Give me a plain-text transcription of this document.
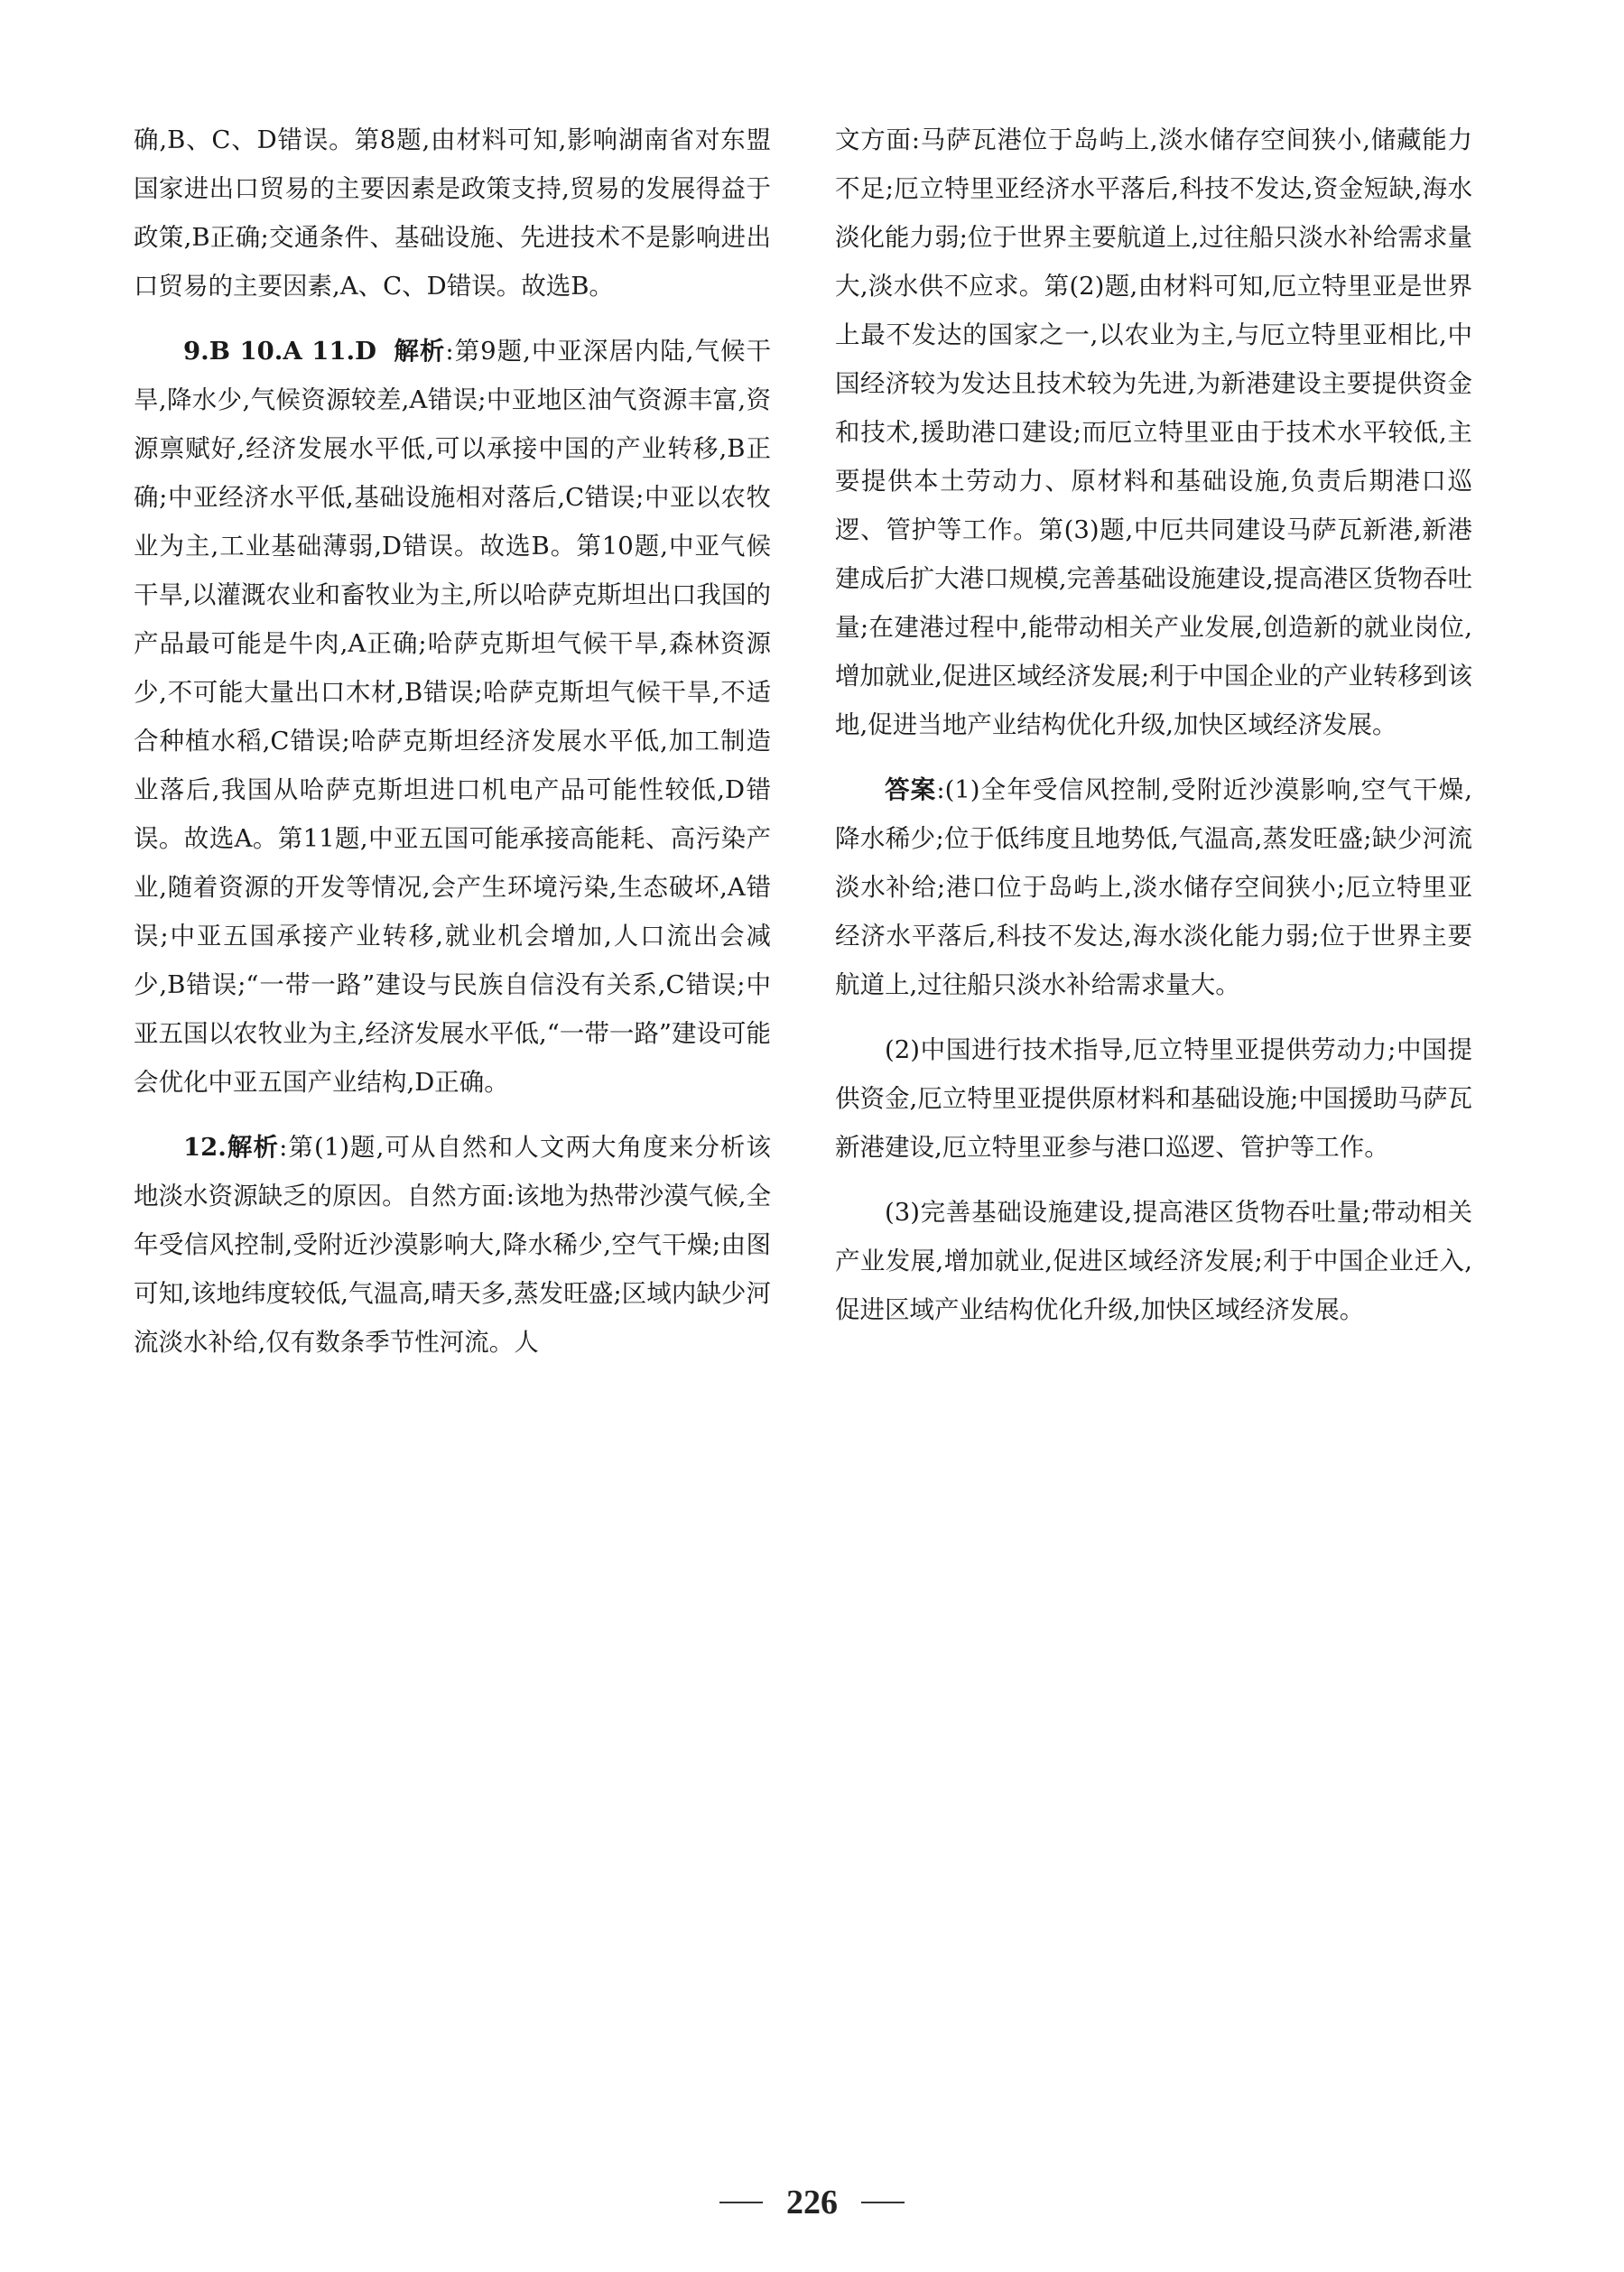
确,B、C、D错误。第8题,由材料可知,影响湖南省对东盟国家进出口贸易的主要因素是政策支持,贸易的发展得益于政策,B正确;交通条件、基础设施、先进技术不是影响进出口贸易的主要因素,A、C、D错误。故选B。

9.B 10.A 11.D 解析:第9题,中亚深居内陆,气候干旱,降水少,气候资源较差,A错误;中亚地区油气资源丰富,资源禀赋好,经济发展水平低,可以承接中国的产业转移,B正确;中亚经济水平低,基础设施相对落后,C错误;中亚以农牧业为主,工业基础薄弱,D错误。故选B。第10题,中亚气候干旱,以灌溉农业和畜牧业为主,所以哈萨克斯坦出口我国的产品最可能是牛肉,A正确;哈萨克斯坦气候干旱,森林资源少,不可能大量出口木材,B错误;哈萨克斯坦气候干旱,不适合种植水稻,C错误;哈萨克斯坦经济发展水平低,加工制造业落后,我国从哈萨克斯坦进口机电产品可能性较低,D错误。故选A。第11题,中亚五国可能承接高能耗、高污染产业,随着资源的开发等情况,会产生环境污染,生态破坏,A错误;中亚五国承接产业转移,就业机会增加,人口流出会减少,B错误;“一带一路”建设与民族自信没有关系,C错误;中亚五国以农牧业为主,经济发展水平低,“一带一路”建设可能会优化中亚五国产业结构,D正确。

12.解析:第(1)题,可从自然和人文两大角度来分析该地淡水资源缺乏的原因。自然方面:该地为热带沙漠气候,全年受信风控制,受附近沙漠影响大,降水稀少,空气干燥;由图可知,该地纬度较低,气温高,晴天多,蒸发旺盛;区域内缺少河流淡水补给,仅有数条季节性河流。人

文方面:马萨瓦港位于岛屿上,淡水储存空间狭小,储藏能力不足;厄立特里亚经济水平落后,科技不发达,资金短缺,海水淡化能力弱;位于世界主要航道上,过往船只淡水补给需求量大,淡水供不应求。第(2)题,由材料可知,厄立特里亚是世界上最不发达的国家之一,以农业为主,与厄立特里亚相比,中国经济较为发达且技术较为先进,为新港建设主要提供资金和技术,援助港口建设;而厄立特里亚由于技术水平较低,主要提供本土劳动力、原材料和基础设施,负责后期港口巡逻、管护等工作。第(3)题,中厄共同建设马萨瓦新港,新港建成后扩大港口规模,完善基础设施建设,提高港区货物吞吐量;在建港过程中,能带动相关产业发展,创造新的就业岗位,增加就业,促进区域经济发展;利于中国企业的产业转移到该地,促进当地产业结构优化升级,加快区域经济发展。

答案:(1)全年受信风控制,受附近沙漠影响,空气干燥,降水稀少;位于低纬度且地势低,气温高,蒸发旺盛;缺少河流淡水补给;港口位于岛屿上,淡水储存空间狭小;厄立特里亚经济水平落后,科技不发达,海水淡化能力弱;位于世界主要航道上,过往船只淡水补给需求量大。

(2)中国进行技术指导,厄立特里亚提供劳动力;中国提供资金,厄立特里亚提供原材料和基础设施;中国援助马萨瓦新港建设,厄立特里亚参与港口巡逻、管护等工作。

(3)完善基础设施建设,提高港区货物吞吐量;带动相关产业发展,增加就业,促进区域经济发展;利于中国企业迁入,促进区域产业结构优化升级,加快区域经济发展。

226
